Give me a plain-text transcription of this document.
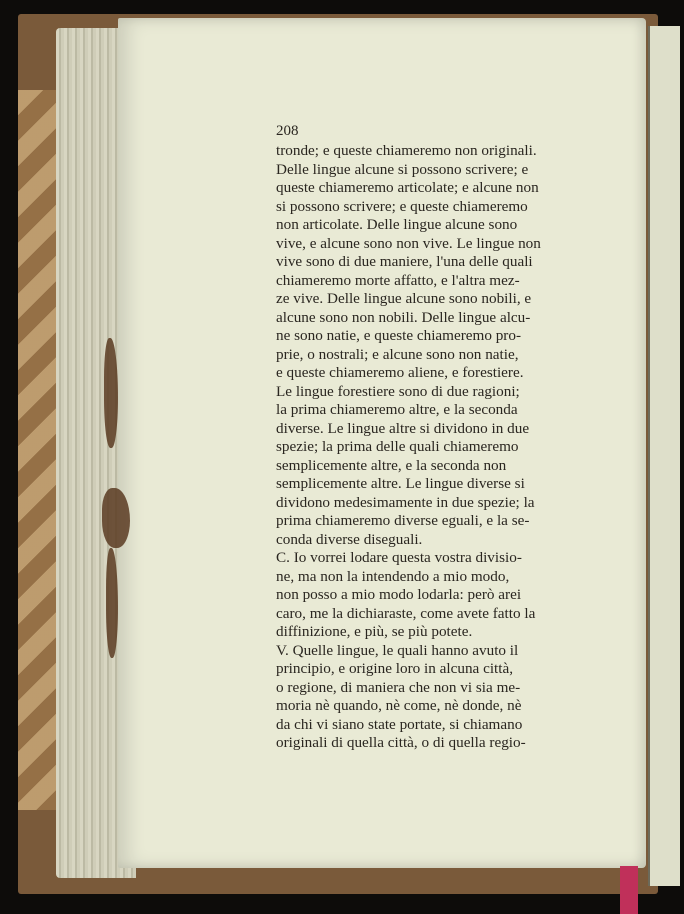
208
tronde; e queste chiameremo non originali.
Delle lingue alcune si possono scrivere; e
queste chiameremo articolate; e alcune non
si possono scrivere; e queste chiameremo
non articolate. Delle lingue alcune sono
vive, e alcune sono non vive. Le lingue non
vive sono di due maniere, l'una delle quali
chiameremo morte affatto, e l'altra mez-
ze vive. Delle lingue alcune sono nobili, e
alcune sono non nobili. Delle lingue alcu-
ne sono natie, e queste chiameremo pro-
prie, o nostrali; e alcune sono non natie,
e queste chiameremo aliene, e forestiere.
Le lingue forestiere sono di due ragioni;
la prima chiameremo altre, e la seconda
diverse. Le lingue altre si dividono in due
spezie; la prima delle quali chiameremo
semplicemente altre, e la seconda non
semplicemente altre. Le lingue diverse si
dividono medesimamente in due spezie; la
prima chiameremo diverse eguali, e la se-
conda diverse diseguali.
C. Io vorrei lodare questa vostra divisio-
ne, ma non la intendendo a mio modo,
non posso a mio modo lodarla: però arei
caro, me la dichiaraste, come avete fatto la
diffinizione, e più, se più potete.
V. Quelle lingue, le quali hanno avuto il
principio, e origine loro in alcuna città,
o regione, di maniera che non vi sia me-
moria nè quando, nè come, nè donde, nè
da chi vi siano state portate, si chiamano
originali di quella città, o di quella regio-
